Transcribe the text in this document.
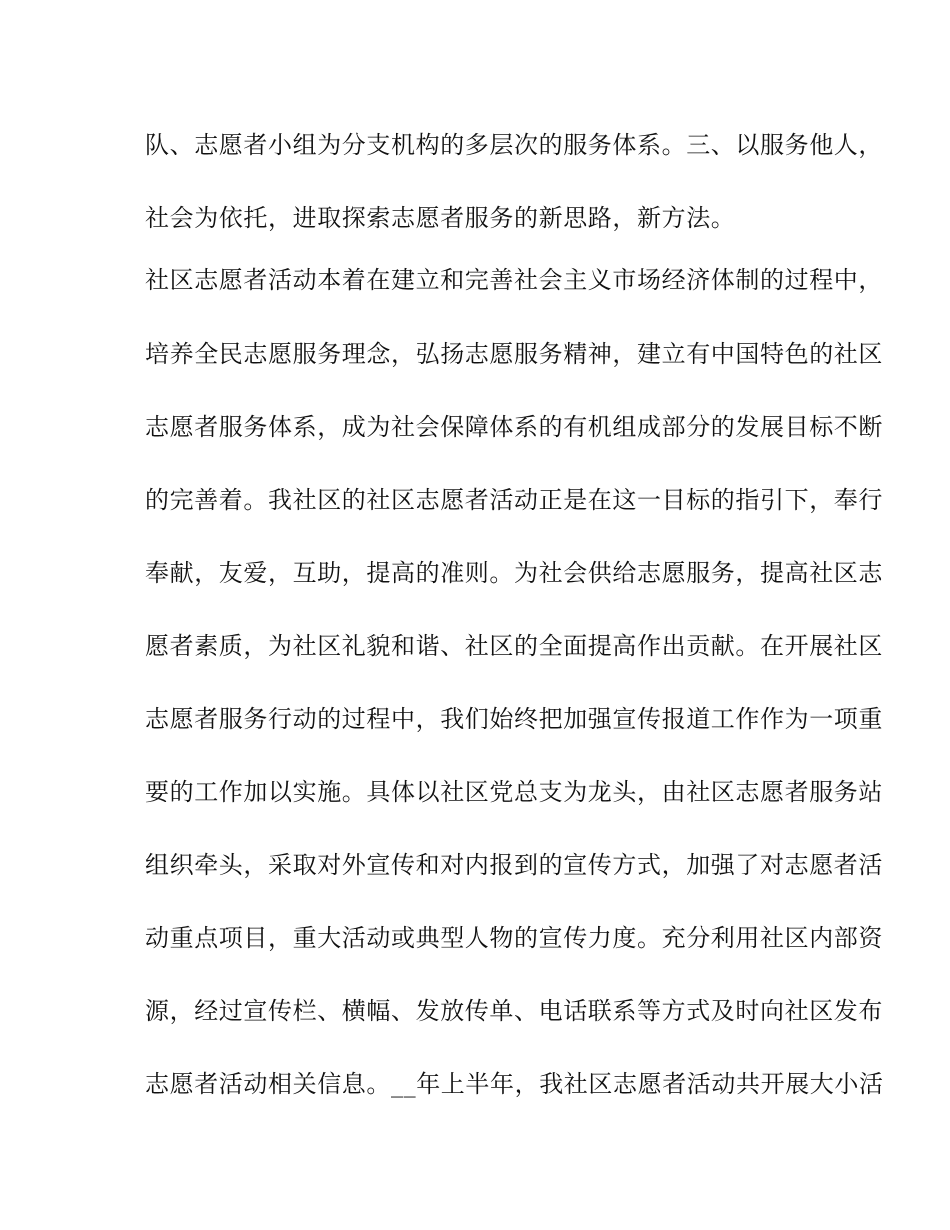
队、志愿者小组为分支机构的多层次的服务体系。三、以服务他人，
社会为依托，进取探索志愿者服务的新思路，新方法。
社区志愿者活动本着在建立和完善社会主义市场经济体制的过程中，
培养全民志愿服务理念，弘扬志愿服务精神，建立有中国特色的社区
志愿者服务体系，成为社会保障体系的有机组成部分的发展目标不断
的完善着。我社区的社区志愿者活动正是在这一目标的指引下，奉行
奉献，友爱，互助，提高的准则。为社会供给志愿服务，提高社区志
愿者素质，为社区礼貌和谐、社区的全面提高作出贡献。在开展社区
志愿者服务行动的过程中，我们始终把加强宣传报道工作作为一项重
要的工作加以实施。具体以社区党总支为龙头，由社区志愿者服务站
组织牵头，采取对外宣传和对内报到的宣传方式，加强了对志愿者活
动重点项目，重大活动或典型人物的宣传力度。充分利用社区内部资
源，经过宣传栏、横幅、发放传单、电话联系等方式及时向社区发布
志愿者活动相关信息。__年上半年，我社区志愿者活动共开展大小活
